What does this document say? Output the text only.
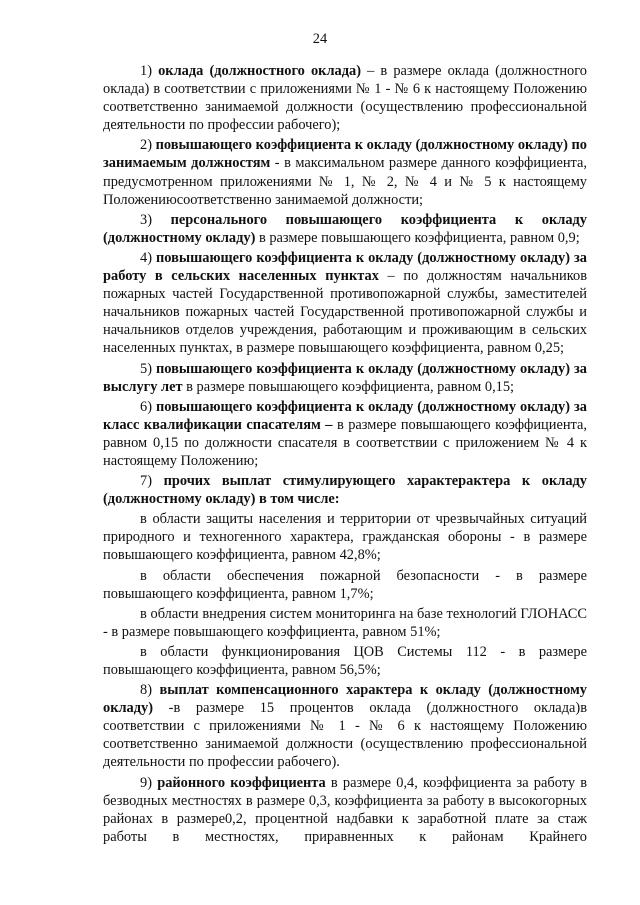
24

1) оклада (должностного оклада) – в размере оклада (должностного оклада) в соответствии с приложениями № 1 - № 6 к настоящему Положению соответственно занимаемой должности (осуществлению профессиональной деятельности по профессии рабочего);

2) повышающего коэффициента к окладу (должностному окладу) по занимаемым должностям - в максимальном размере данного коэффициента, предусмотренном приложениями № 1, № 2, № 4 и № 5 к настоящему Положениюсоответственно занимаемой должности;

3) персонального повышающего коэффициента к окладу (должностному окладу) в размере повышающего коэффициента, равном 0,9;

4) повышающего коэффициента к окладу (должностному окладу) за работу в сельских населенных пунктах – по должностям начальников пожарных частей Государственной противопожарной службы, заместителей начальников пожарных частей Государственной противопожарной службы и начальников отделов учреждения, работающим и проживающим в сельских населенных пунктах, в размере повышающего коэффициента, равном 0,25;

5) повышающего коэффициента к окладу (должностному окладу) за выслугу лет в размере повышающего коэффициента, равном 0,15;

6) повышающего коэффициента к окладу (должностному окладу) за класс квалификации спасателям – в размере повышающего коэффициента, равном 0,15 по должности спасателя в соответствии с приложением № 4 к настоящему Положению;

7) прочих выплат стимулирующего характерактера к окладу (должностному окладу) в том числе:

в области защиты населения и территории от чрезвычайных ситуаций природного и техногенного характера, гражданская обороны - в размере повышающего коэффициента, равном 42,8%;

в области обеспечения пожарной безопасности - в размере повышающего коэффициента, равном 1,7%;

в области внедрения систем мониторинга на базе технологий ГЛОНАСС - в размере повышающего коэффициента, равном 51%;

в области функционирования ЦОВ Системы 112 - в размере повышающего коэффициента, равном 56,5%;

8) выплат компенсационного характера к окладу (должностному окладу) -в размере 15 процентов оклада (должностного оклада)в соответствии с приложениями № 1 - № 6 к настоящему Положению соответственно занимаемой должности (осуществлению профессиональной деятельности по профессии рабочего).

9) районного коэффициента в размере 0,4, коэффициента за работу в безводных местностях в размере 0,3, коэффициента за работу в высокогорных районах в размере0,2, процентной надбавки к заработной плате за стаж работы в местностях, приравненных к районам Крайнего
